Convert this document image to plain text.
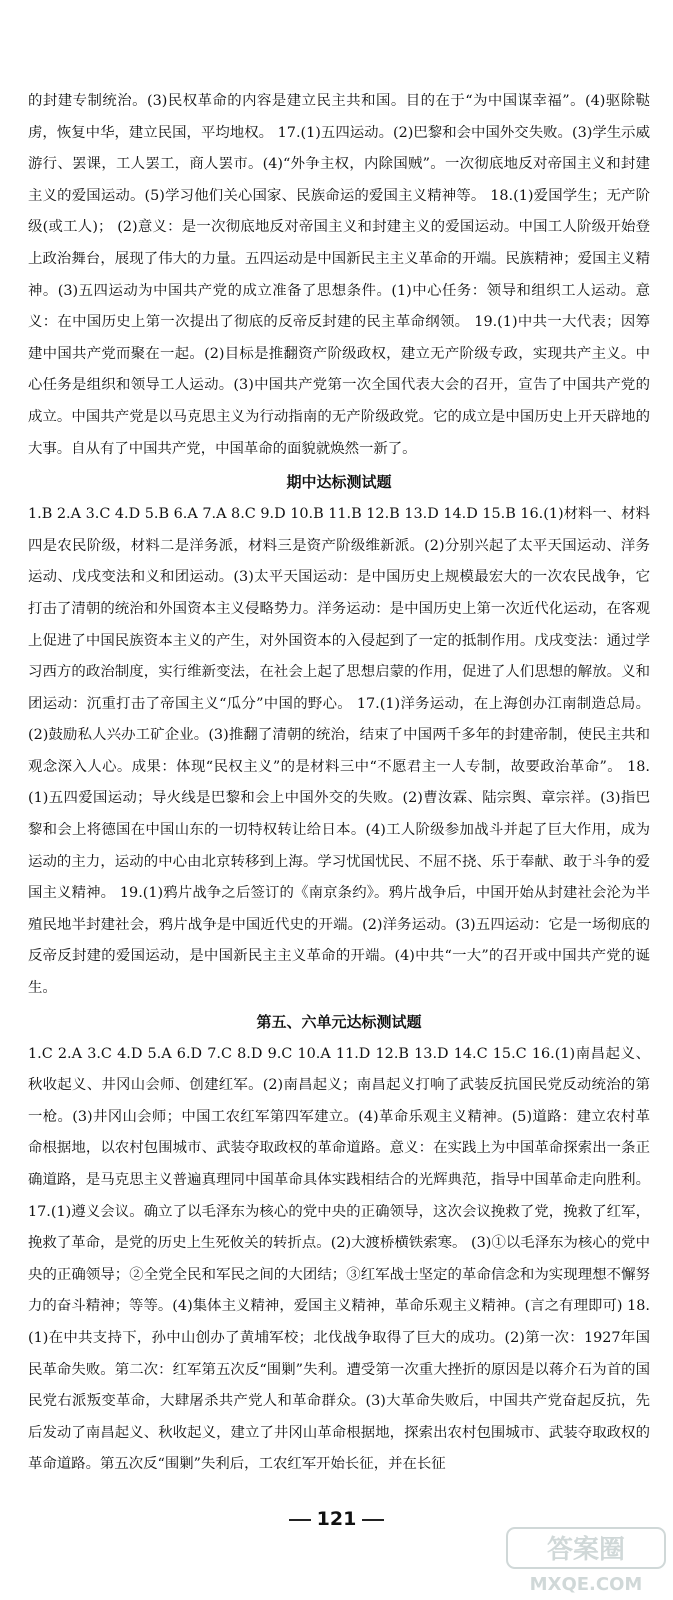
的封建专制统治。(3)民权革命的内容是建立民主共和国。目的在于“为中国谋幸福”。(4)驱除鞑虏，恢复中华，建立民国，平均地权。 17.(1)五四运动。(2)巴黎和会中国外交失败。(3)学生示威游行、罢课，工人罢工，商人罢市。(4)“外争主权，内除国贼”。一次彻底地反对帝国主义和封建主义的爱国运动。(5)学习他们关心国家、民族命运的爱国主义精神等。 18.(1)爱国学生；无产阶级(或工人)； (2)意义：是一次彻底地反对帝国主义和封建主义的爱国运动。中国工人阶级开始登上政治舞台，展现了伟大的力量。五四运动是中国新民主主义革命的开端。民族精神；爱国主义精神。(3)五四运动为中国共产党的成立准备了思想条件。(1)中心任务：领导和组织工人运动。意义：在中国历史上第一次提出了彻底的反帝反封建的民主革命纲领。 19.(1)中共一大代表；因筹建中国共产党而聚在一起。(2)目标是推翻资产阶级政权，建立无产阶级专政，实现共产主义。中心任务是组织和领导工人运动。(3)中国共产党第一次全国代表大会的召开，宣告了中国共产党的成立。中国共产党是以马克思主义为行动指南的无产阶级政党。它的成立是中国历史上开天辟地的大事。自从有了中国共产党，中国革命的面貌就焕然一新了。

期中达标测试题

1.B 2.A 3.C 4.D 5.B 6.A 7.A 8.C 9.D 10.B 11.B 12.B 13.D 14.D 15.B 16.(1)材料一、材料四是农民阶级，材料二是洋务派，材料三是资产阶级维新派。(2)分别兴起了太平天国运动、洋务运动、戊戌变法和义和团运动。(3)太平天国运动：是中国历史上规模最宏大的一次农民战争，它打击了清朝的统治和外国资本主义侵略势力。洋务运动：是中国历史上第一次近代化运动，在客观上促进了中国民族资本主义的产生，对外国资本的入侵起到了一定的抵制作用。戊戌变法：通过学习西方的政治制度，实行维新变法，在社会上起了思想启蒙的作用，促进了人们思想的解放。义和团运动：沉重打击了帝国主义“瓜分”中国的野心。 17.(1)洋务运动，在上海创办江南制造总局。(2)鼓励私人兴办工矿企业。(3)推翻了清朝的统治，结束了中国两千多年的封建帝制，使民主共和观念深入人心。成果：体现“民权主义”的是材料三中“不愿君主一人专制，故要政治革命”。 18.(1)五四爱国运动；导火线是巴黎和会上中国外交的失败。(2)曹汝霖、陆宗舆、章宗祥。(3)指巴黎和会上将德国在中国山东的一切特权转让给日本。(4)工人阶级参加战斗并起了巨大作用，成为运动的主力，运动的中心由北京转移到上海。学习忧国忧民、不屈不挠、乐于奉献、敢于斗争的爱国主义精神。 19.(1)鸦片战争之后签订的《南京条约》。鸦片战争后，中国开始从封建社会沦为半殖民地半封建社会，鸦片战争是中国近代史的开端。(2)洋务运动。(3)五四运动：它是一场彻底的反帝反封建的爱国运动，是中国新民主主义革命的开端。(4)中共“一大”的召开或中国共产党的诞生。

第五、六单元达标测试题

1.C 2.A 3.C 4.D 5.A 6.D 7.C 8.D 9.C 10.A 11.D 12.B 13.D 14.C 15.C 16.(1)南昌起义、秋收起义、井冈山会师、创建红军。(2)南昌起义；南昌起义打响了武装反抗国民党反动统治的第一枪。(3)井冈山会师；中国工农红军第四军建立。(4)革命乐观主义精神。(5)道路：建立农村革命根据地，以农村包围城市、武装夺取政权的革命道路。意义：在实践上为中国革命探索出一条正确道路，是马克思主义普遍真理同中国革命具体实践相结合的光辉典范，指导中国革命走向胜利。 17.(1)遵义会议。确立了以毛泽东为核心的党中央的正确领导，这次会议挽救了党，挽救了红军，挽救了革命，是党的历史上生死攸关的转折点。(2)大渡桥横铁索寒。 (3)①以毛泽东为核心的党中央的正确领导；②全党全民和军民之间的大团结；③红军战士坚定的革命信念和为实现理想不懈努力的奋斗精神；等等。(4)集体主义精神，爱国主义精神，革命乐观主义精神。(言之有理即可) 18.(1)在中共支持下，孙中山创办了黄埔军校；北伐战争取得了巨大的成功。(2)第一次：1927年国民革命失败。第二次：红军第五次反“围剿”失利。遭受第一次重大挫折的原因是以蒋介石为首的国民党右派叛变革命，大肆屠杀共产党人和革命群众。(3)大革命失败后，中国共产党奋起反抗，先后发动了南昌起义、秋收起义，建立了井冈山革命根据地，探索出农村包围城市、武装夺取政权的革命道路。第五次反“围剿”失利后，工农红军开始长征，并在长征

121
答案圈
MXQE.COM
